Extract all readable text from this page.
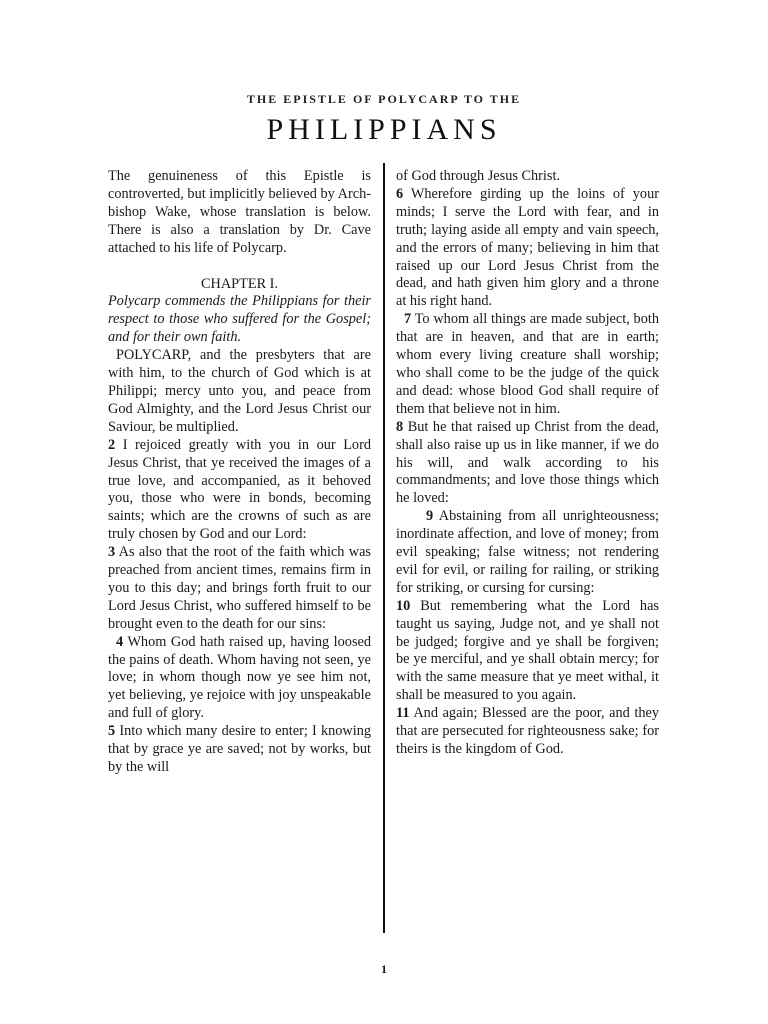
THE EPISTLE OF POLYCARP TO THE
PHILIPPIANS

The genuineness of this Epistle is controverted, but implicitly believed by Arch-bishop Wake, whose translation is below. There is also a translation by Dr. Cave attached to his life of Polycarp.

CHAPTER I.

Polycarp commends the Philippians for their respect to those who suffered for the Gospel; and for their own faith.

POLYCARP, and the presbyters that are with him, to the church of God which is at Philippi; mercy unto you, and peace from God Almighty, and the Lord Jesus Christ our Saviour, be multiplied.

2 I rejoiced greatly with you in our Lord Jesus Christ, that ye received the images of a true love, and accompanied, as it behoved you, those who were in bonds, becoming saints; which are the crowns of such as are truly chosen by God and our Lord:

3 As also that the root of the faith which was preached from ancient times, remains firm in you to this day; and brings forth fruit to our Lord Jesus Christ, who suffered himself to be brought even to the death for our sins:

4 Whom God hath raised up, having loosed the pains of death. Whom having not seen, ye love; in whom though now ye see him not, yet believing, ye rejoice with joy unspeakable and full of glory.

5 Into which many desire to enter; I knowing that by grace ye are saved; not by works, but by the will

of God through Jesus Christ.

6 Wherefore girding up the loins of your minds; I serve the Lord with fear, and in truth; laying aside all empty and vain speech, and the errors of many; believing in him that raised up our Lord Jesus Christ from the dead, and hath given him glory and a throne at his right hand.

7 To whom all things are made subject, both that are in heaven, and that are in earth; whom every living creature shall worship; who shall come to be the judge of the quick and dead: whose blood God shall require of them that believe not in him.

8 But he that raised up Christ from the dead, shall also raise up us in like manner, if we do his will, and walk according to his commandments; and love those things which he loved:

9 Abstaining from all unrighteousness; inordinate affection, and love of money; from evil speaking; false witness; not rendering evil for evil, or railing for railing, or striking for striking, or cursing for cursing:

10 But remembering what the Lord has taught us saying, Judge not, and ye shall not be judged; forgive and ye shall be forgiven; be ye merciful, and ye shall obtain mercy; for with the same measure that ye meet withal, it shall be measured to you again.

11 And again; Blessed are the poor, and they that are persecuted for righteousness sake; for theirs is the kingdom of God.

1
